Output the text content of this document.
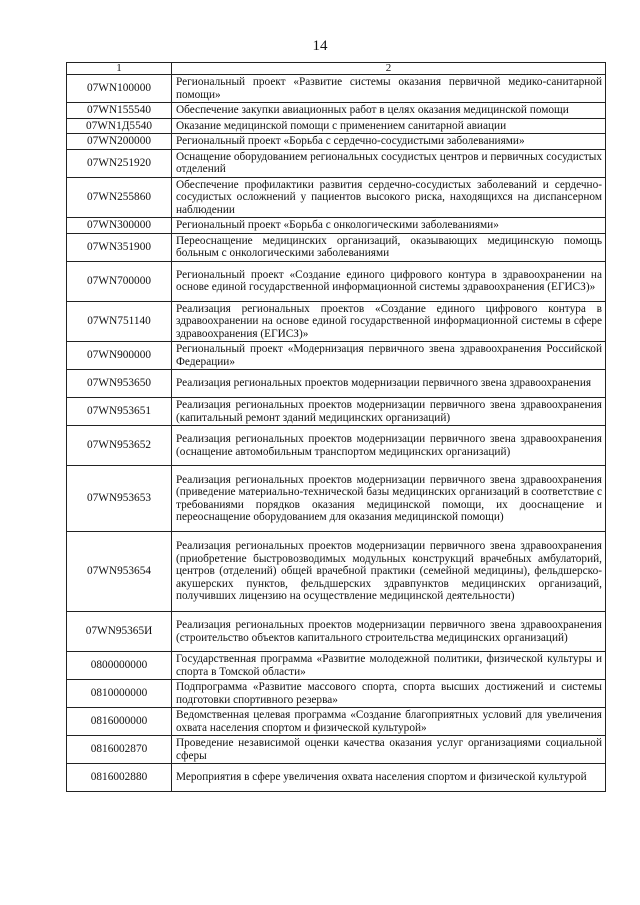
14
1	2
07WN100000	Региональный проект «Развитие системы оказания первичной медико-санитарной помощи»
07WN155540	Обеспечение закупки авиационных работ в целях оказания медицинской помощи
07WN1Д5540	Оказание медицинской помощи с применением санитарной авиации
07WN200000	Региональный проект «Борьба с сердечно-сосудистыми заболеваниями»
07WN251920	Оснащение оборудованием региональных сосудистых центров и первичных сосудистых отделений
07WN255860	Обеспечение профилактики развития сердечно-сосудистых заболеваний и сердечно-сосудистых осложнений у пациентов высокого риска, находящихся на диспансерном наблюдении
07WN300000	Региональный проект «Борьба с онкологическими заболеваниями»
07WN351900	Переоснащение медицинских организаций, оказывающих медицинскую помощь больным с онкологическими заболеваниями
07WN700000	Региональный проект «Создание единого цифрового контура в здравоохранении на основе единой государственной информационной системы здравоохранения (ЕГИСЗ)»
07WN751140	Реализация региональных проектов «Создание единого цифрового контура в здравоохранении на основе единой государственной информационной системы в сфере здравоохранения (ЕГИСЗ)»
07WN900000	Региональный проект «Модернизация первичного звена здравоохранения Российской Федерации»
07WN953650	Реализация региональных проектов модернизации первичного звена здравоохранения
07WN953651	Реализация региональных проектов модернизации первичного звена здравоохранения (капитальный ремонт зданий медицинских организаций)
07WN953652	Реализация региональных проектов модернизации первичного звена здравоохранения (оснащение автомобильным транспортом медицинских организаций)
07WN953653	Реализация региональных проектов модернизации первичного звена здравоохранения (приведение материально-технической базы медицинских организаций в соответствие с требованиями порядков оказания медицинской помощи, их дооснащение и переоснащение оборудованием для оказания медицинской помощи)
07WN953654	Реализация региональных проектов модернизации первичного звена здравоохранения (приобретение быстровозводимых модульных конструкций врачебных амбулаторий, центров (отделений) общей врачебной практики (семейной медицины), фельдшерско-акушерских пунктов, фельдшерских здравпунктов медицинских организаций, получивших лицензию на осуществление медицинской деятельности)
07WN95365И	Реализация региональных проектов модернизации первичного звена здравоохранения (строительство объектов капитального строительства медицинских организаций)
0800000000	Государственная программа «Развитие молодежной политики, физической культуры и спорта в Томской области»
0810000000	Подпрограмма «Развитие массового спорта, спорта высших достижений и системы подготовки спортивного резерва»
0816000000	Ведомственная целевая программа «Создание благоприятных условий для увеличения охвата населения спортом и физической культурой»
0816002870	Проведение независимой оценки качества оказания услуг организациями социальной сферы
0816002880	Мероприятия в сфере увеличения охвата населения спортом и физической культурой
